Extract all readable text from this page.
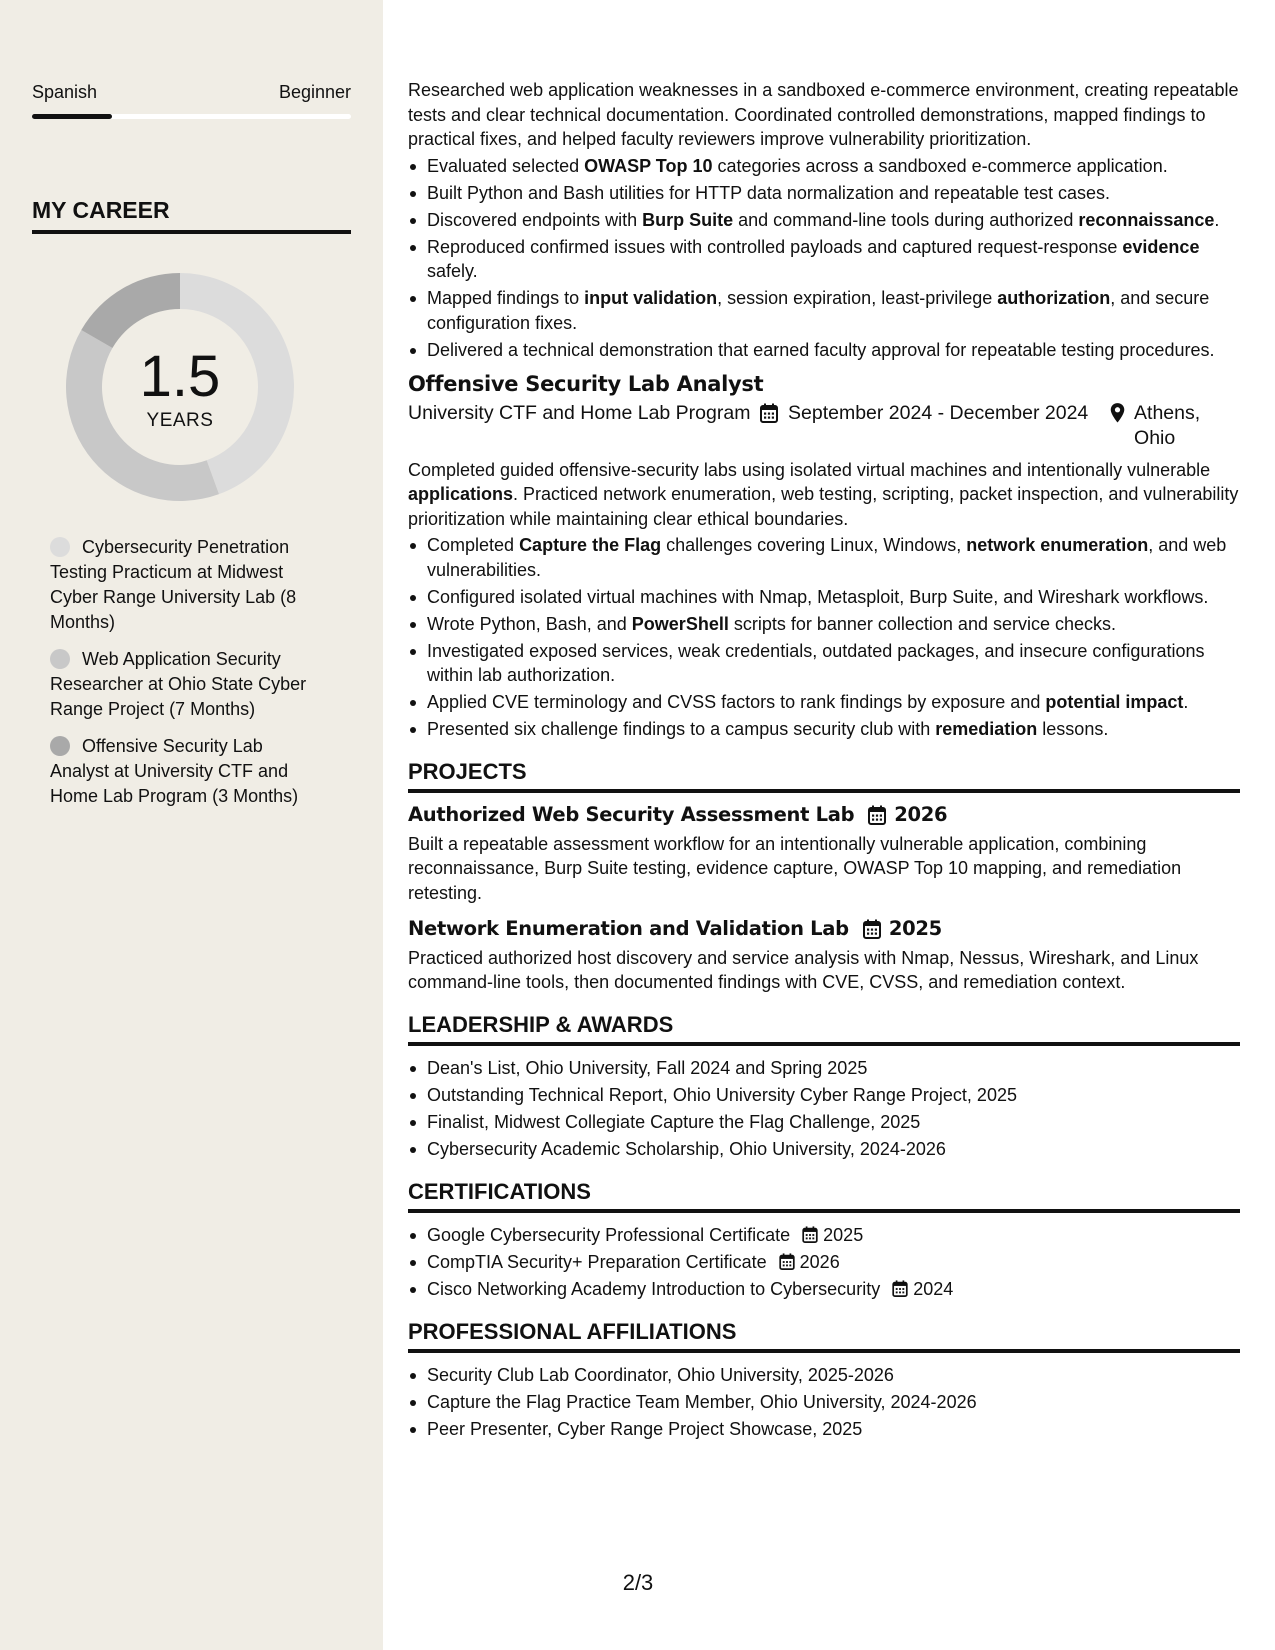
Spanish	Beginner
MY CAREER
1.5
YEARS
Cybersecurity Penetration Testing Practicum at Midwest Cyber Range University Lab (8 Months)
Web Application Security Researcher at Ohio State Cyber Range Project (7 Months)
Offensive Security Lab Analyst at University CTF and Home Lab Program (3 Months)

Researched web application weaknesses in a sandboxed e-commerce environment, creating repeatable tests and clear technical documentation. Coordinated controlled demonstrations, mapped findings to practical fixes, and helped faculty reviewers improve vulnerability prioritization.

Evaluated selected OWASP Top 10 categories across a sandboxed e-commerce application.
Built Python and Bash utilities for HTTP data normalization and repeatable test cases.
Discovered endpoints with Burp Suite and command-line tools during authorized reconnaissance.
Reproduced confirmed issues with controlled payloads and captured request-response evidence safely.
Mapped findings to input validation, session expiration, least-privilege authorization, and secure configuration fixes.
Delivered a technical demonstration that earned faculty approval for repeatable testing procedures.
Offensive Security Lab Analyst
University CTF and Home Lab Program	September 2024 - December 2024 Athens, Ohio

Completed guided offensive-security labs using isolated virtual machines and intentionally vulnerable applications. Practiced network enumeration, web testing, scripting, packet inspection, and vulnerability prioritization while maintaining clear ethical boundaries.

Completed Capture the Flag challenges covering Linux, Windows, network enumeration, and web vulnerabilities.
Configured isolated virtual machines with Nmap, Metasploit, Burp Suite, and Wireshark workflows.
Wrote Python, Bash, and PowerShell scripts for banner collection and service checks.
Investigated exposed services, weak credentials, outdated packages, and insecure configurations within lab authorization.
Applied CVE terminology and CVSS factors to rank findings by exposure and potential impact.
Presented six challenge findings to a campus security club with remediation lessons.
PROJECTS
Authorized Web Security Assessment Lab 2026

Built a repeatable assessment workflow for an intentionally vulnerable application, combining reconnaissance, Burp Suite testing, evidence capture, OWASP Top 10 mapping, and remediation retesting.

Network Enumeration and Validation Lab 2025

Practiced authorized host discovery and service analysis with Nmap, Nessus, Wireshark, and Linux command-line tools, then documented findings with CVE, CVSS, and remediation context.

LEADERSHIP & AWARDS
Dean's List, Ohio University, Fall 2024 and Spring 2025
Outstanding Technical Report, Ohio University Cyber Range Project, 2025
Finalist, Midwest Collegiate Capture the Flag Challenge, 2025
Cybersecurity Academic Scholarship, Ohio University, 2024-2026
CERTIFICATIONS
Google Cybersecurity Professional Certificate 2025
CompTIA Security+ Preparation Certificate 2026
Cisco Networking Academy Introduction to Cybersecurity 2024
PROFESSIONAL AFFILIATIONS
Security Club Lab Coordinator, Ohio University, 2025-2026
Capture the Flag Practice Team Member, Ohio University, 2024-2026
Peer Presenter, Cyber Range Project Showcase, 2025
2/3
